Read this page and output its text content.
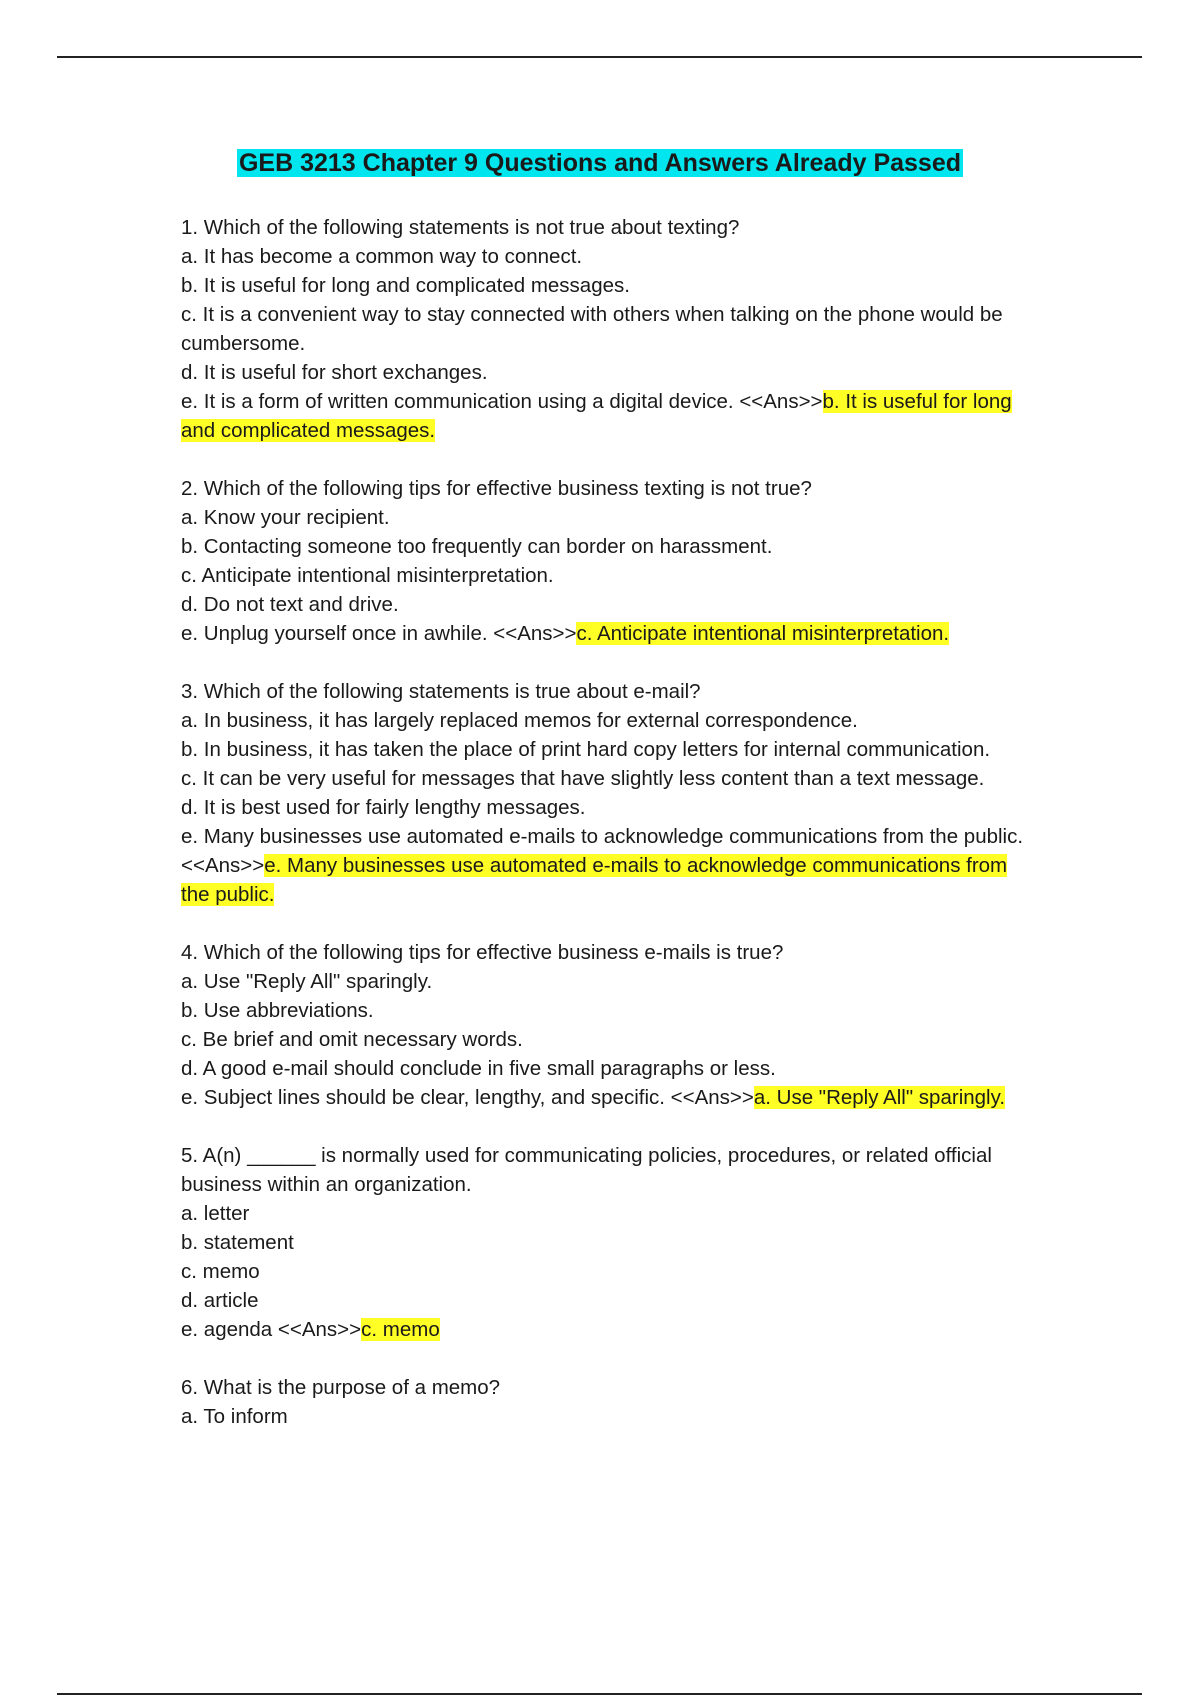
GEB 3213 Chapter 9 Questions and Answers Already Passed
1. Which of the following statements is not true about texting?
a. It has become a common way to connect.
b. It is useful for long and complicated messages.
c. It is a convenient way to stay connected with others when talking on the phone would be cumbersome.
d. It is useful for short exchanges.
e. It is a form of written communication using a digital device. <<Ans>>b. It is useful for long and complicated messages.
2. Which of the following tips for effective business texting is not true?
a. Know your recipient.
b. Contacting someone too frequently can border on harassment.
c. Anticipate intentional misinterpretation.
d. Do not text and drive.
e. Unplug yourself once in awhile. <<Ans>>c. Anticipate intentional misinterpretation.
3. Which of the following statements is true about e-mail?
a. In business, it has largely replaced memos for external correspondence.
b. In business, it has taken the place of print hard copy letters for internal communication.
c. It can be very useful for messages that have slightly less content than a text message.
d. It is best used for fairly lengthy messages.
e. Many businesses use automated e-mails to acknowledge communications from the public. <<Ans>>e. Many businesses use automated e-mails to acknowledge communications from the public.
4. Which of the following tips for effective business e-mails is true?
a. Use "Reply All" sparingly.
b. Use abbreviations.
c. Be brief and omit necessary words.
d. A good e-mail should conclude in five small paragraphs or less.
e. Subject lines should be clear, lengthy, and specific. <<Ans>>a. Use "Reply All" sparingly.
5. A(n) ______ is normally used for communicating policies, procedures, or related official business within an organization.
a. letter
b. statement
c. memo
d. article
e. agenda <<Ans>>c. memo
6. What is the purpose of a memo?
a. To inform
